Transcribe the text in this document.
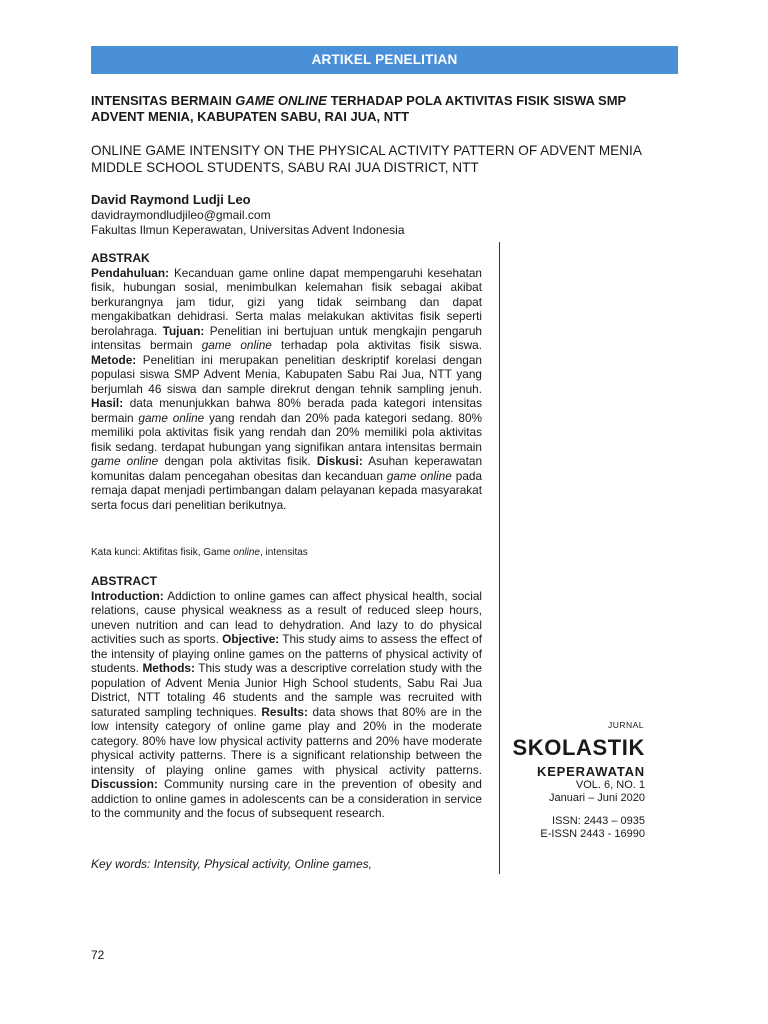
ARTIKEL PENELITIAN
INTENSITAS BERMAIN GAME ONLINE TERHADAP POLA AKTIVITAS FISIK SISWA SMP ADVENT MENIA, KABUPATEN SABU, RAI JUA, NTT
ONLINE GAME INTENSITY ON THE PHYSICAL ACTIVITY PATTERN OF ADVENT MENIA MIDDLE SCHOOL STUDENTS, SABU RAI JUA DISTRICT, NTT
David Raymond Ludji Leo
davidraymondludjileo@gmail.com
Fakultas Ilmun Keperawatan, Universitas Advent Indonesia
ABSTRAK
Pendahuluan: Kecanduan game online dapat mempengaruhi kesehatan fisik, hubungan sosial, menimbulkan kelemahan fisik sebagai akibat berkurangnya jam tidur, gizi yang tidak seimbang dan dapat mengakibatkan dehidrasi. Serta malas melakukan aktivitas fisik seperti berolahraga. Tujuan: Penelitian ini bertujuan untuk mengkajin pengaruh intensitas bermain game online terhadap pola aktivitas fisik siswa. Metode: Penelitian ini merupakan penelitian deskriptif korelasi dengan populasi siswa SMP Advent Menia, Kabupaten Sabu Rai Jua, NTT yang berjumlah 46 siswa dan sample direkrut dengan tehnik sampling jenuh. Hasil: data menunjukkan bahwa 80% berada pada kategori intensitas bermain game online yang rendah dan 20% pada kategori sedang. 80% memiliki pola aktivitas fisik yang rendah dan 20% memiliki pola aktivitas fisik sedang. terdapat hubungan yang signifikan antara intensitas bermain game online dengan pola aktivitas fisik. Diskusi: Asuhan keperawatan komunitas dalam pencegahan obesitas dan kecanduan game online pada remaja dapat menjadi pertimbangan dalam pelayanan kepada masyarakat serta focus dari penelitian berikutnya.
Kata kunci: Aktifitas fisik, Game online, intensitas
ABSTRACT
Introduction: Addiction to online games can affect physical health, social relations, cause physical weakness as a result of reduced sleep hours, uneven nutrition and can lead to dehydration. And lazy to do physical activities such as sports. Objective: This study aims to assess the effect of the intensity of playing online games on the patterns of physical activity of students. Methods: This study was a descriptive correlation study with the population of Advent Menia Junior High School students, Sabu Rai Jua District, NTT totaling 46 students and the sample was recruited with saturated sampling techniques. Results: data shows that 80% are in the low intensity category of online game play and 20% in the moderate category. 80% have low physical activity patterns and 20% have moderate physical activity patterns. There is a significant relationship between the intensity of playing online games with physical activity patterns. Discussion: Community nursing care in the prevention of obesity and addiction to online games in adolescents can be a consideration in service to the community and the focus of subsequent research.
Key words: Intensity, Physical activity, Online games,
JURNAL
SKOLASTIK
KEPERAWATAN
VOL. 6, NO. 1
Januari – Juni 2020
ISSN: 2443 – 0935
E-ISSN 2443 - 16990
72
